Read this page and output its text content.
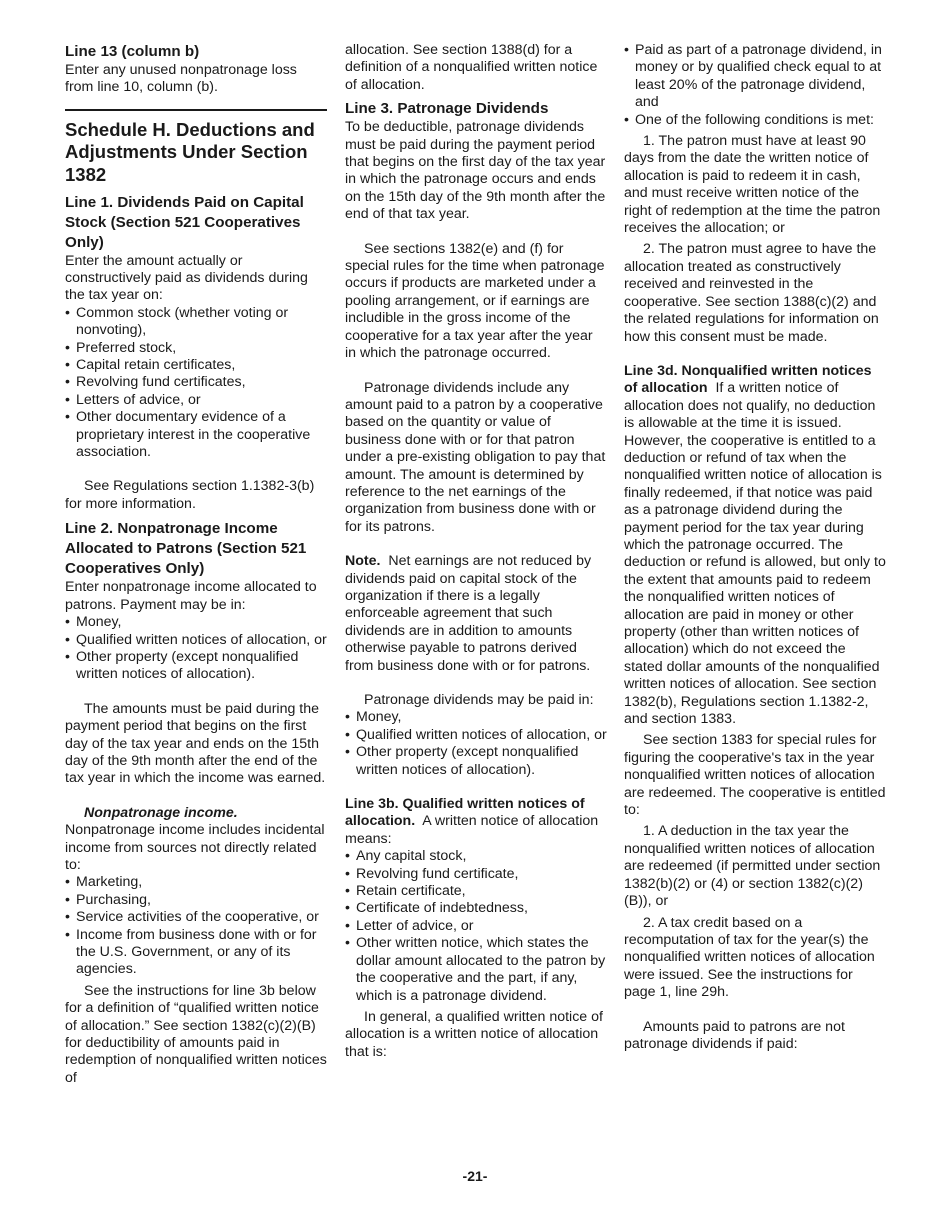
Line 13 (column b)

Enter any unused nonpatronage loss from line 10, column (b).

Schedule H. Deductions and Adjustments Under Section 1382
Line 1. Dividends Paid on Capital Stock (Section 521 Cooperatives Only)

Enter the amount actually or constructively paid as dividends during the tax year on:

• Common stock (whether voting or nonvoting),

• Preferred stock,

• Capital retain certificates,

• Revolving fund certificates,

• Letters of advice, or

• Other documentary evidence of a proprietary interest in the cooperative association.

See Regulations section 1.1382-3(b) for more information.

Line 2. Nonpatronage Income Allocated to Patrons (Section 521 Cooperatives Only)

Enter nonpatronage income allocated to patrons. Payment may be in:

• Money,

• Qualified written notices of allocation, or

• Other property (except nonqualified written notices of allocation).

The amounts must be paid during the payment period that begins on the first day of the tax year and ends on the 15th day of the 9th month after the end of the tax year in which the income was earned.

Nonpatronage income.

Nonpatronage income includes incidental income from sources not directly related to:

• Marketing,

• Purchasing,

• Service activities of the cooperative, or

• Income from business done with or for the U.S. Government, or any of its agencies.

See the instructions for line 3b below for a definition of “qualified written notice of allocation.” See section 1382(c)(2)(B) for deductibility of amounts paid in redemption of nonqualified written notices of

allocation. See section 1388(d) for a definition of a nonqualified written notice of allocation.

Line 3. Patronage Dividends

To be deductible, patronage dividends must be paid during the payment period that begins on the first day of the tax year in which the patronage occurs and ends on the 15th day of the 9th month after the end of that tax year.

See sections 1382(e) and (f) for special rules for the time when patronage occurs if products are marketed under a pooling arrangement, or if earnings are includible in the gross income of the cooperative for a tax year after the year in which the patronage occurred.

Patronage dividends include any amount paid to a patron by a cooperative based on the quantity or value of business done with or for that patron under a pre-existing obligation to pay that amount. The amount is determined by reference to the net earnings of the organization from business done with or for its patrons.

Note. Net earnings are not reduced by dividends paid on capital stock of the organization if there is a legally enforceable agreement that such dividends are in addition to amounts otherwise payable to patrons derived from business done with or for patrons.

Patronage dividends may be paid in:

• Money,

• Qualified written notices of allocation, or

• Other property (except nonqualified written notices of allocation).

Line 3b. Qualified written notices of allocation. A written notice of allocation means:

• Any capital stock,

• Revolving fund certificate,

• Retain certificate,

• Certificate of indebtedness,

• Letter of advice, or

• Other written notice, which states the dollar amount allocated to the patron by the cooperative and the part, if any, which is a patronage dividend.

In general, a qualified written notice of allocation is a written notice of allocation that is:

• Paid as part of a patronage dividend, in money or by qualified check equal to at least 20% of the patronage dividend, and

• One of the following conditions is met:

1. The patron must have at least 90 days from the date the written notice of allocation is paid to redeem it in cash, and must receive written notice of the right of redemption at the time the patron receives the allocation; or

2. The patron must agree to have the allocation treated as constructively received and reinvested in the cooperative. See section 1388(c)(2) and the related regulations for information on how this consent must be made.

Line 3d. Nonqualified written notices of allocation If a written notice of allocation does not qualify, no deduction is allowable at the time it is issued. However, the cooperative is entitled to a deduction or refund of tax when the nonqualified written notice of allocation is finally redeemed, if that notice was paid as a patronage dividend during the payment period for the tax year during which the patronage occurred. The deduction or refund is allowed, but only to the extent that amounts paid to redeem the nonqualified written notices of allocation are paid in money or other property (other than written notices of allocation) which do not exceed the stated dollar amounts of the nonqualified written notices of allocation. See section 1382(b), Regulations section 1.1382-2, and section 1383.

See section 1383 for special rules for figuring the cooperative's tax in the year nonqualified written notices of allocation are redeemed. The cooperative is entitled to:

1. A deduction in the tax year the nonqualified written notices of allocation are redeemed (if permitted under section 1382(b)(2) or (4) or section 1382(c)(2)(B)), or

2. A tax credit based on a recomputation of tax for the year(s) the nonqualified written notices of allocation were issued. See the instructions for page 1, line 29h.

Amounts paid to patrons are not patronage dividends if paid:

-21-
